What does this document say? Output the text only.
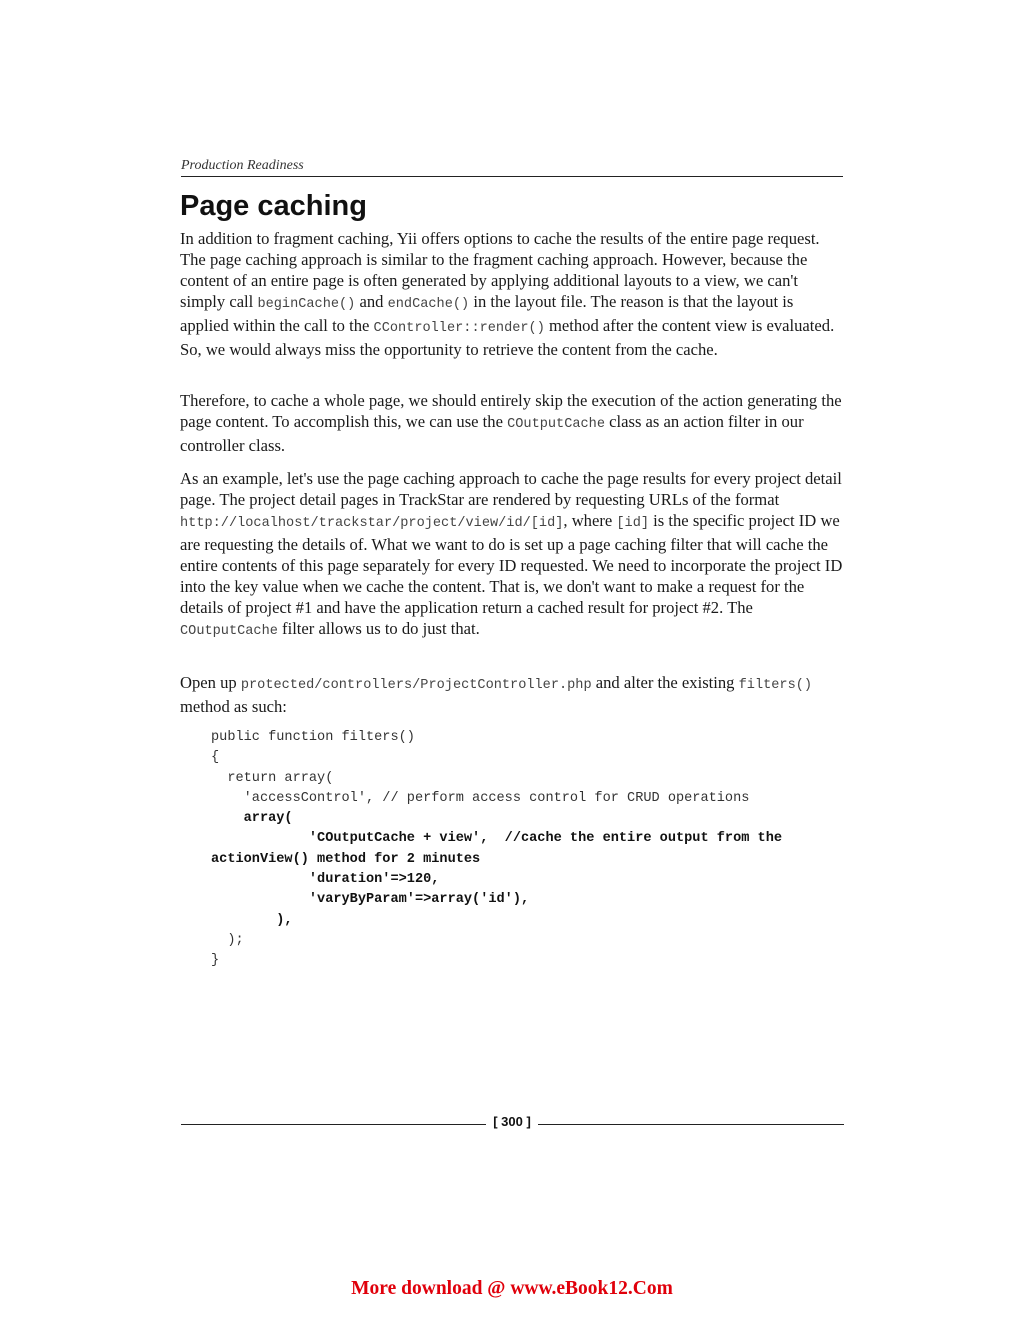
Production Readiness
Page caching

In addition to fragment caching, Yii offers options to cache the results of the entire page request. The page caching approach is similar to the fragment caching approach. However, because the content of an entire page is often generated by applying additional layouts to a view, we can't simply call beginCache() and endCache() in the layout file. The reason is that the layout is applied within the call to the CController::render() method after the content view is evaluated. So, we would always miss the opportunity to retrieve the content from the cache.

Therefore, to cache a whole page, we should entirely skip the execution of the action generating the page content. To accomplish this, we can use the COutputCache class as an action filter in our controller class.

As an example, let's use the page caching approach to cache the page results for every project detail page. The project detail pages in TrackStar are rendered by requesting URLs of the format http://localhost/trackstar/project/view/id/[id], where [id] is the specific project ID we are requesting the details of. What we want to do is set up a page caching filter that will cache the entire contents of this page separately for every ID requested. We need to incorporate the project ID into the key value when we cache the content. That is, we don't want to make a request for the details of project #1 and have the application return a cached result for project #2. The COutputCache filter allows us to do just that.

Open up protected/controllers/ProjectController.php and alter the existing filters() method as such:

public function filters()
{
return array(
'accessControl', // perform access control for CRUD operations
array(
'COutputCache + view',  //cache the entire output from the
actionView() method for 2 minutes
'duration'=>120,
'varyByParam'=>array('id'),
),
);
}
[ 300 ]
More download @ www.eBook12.Com
